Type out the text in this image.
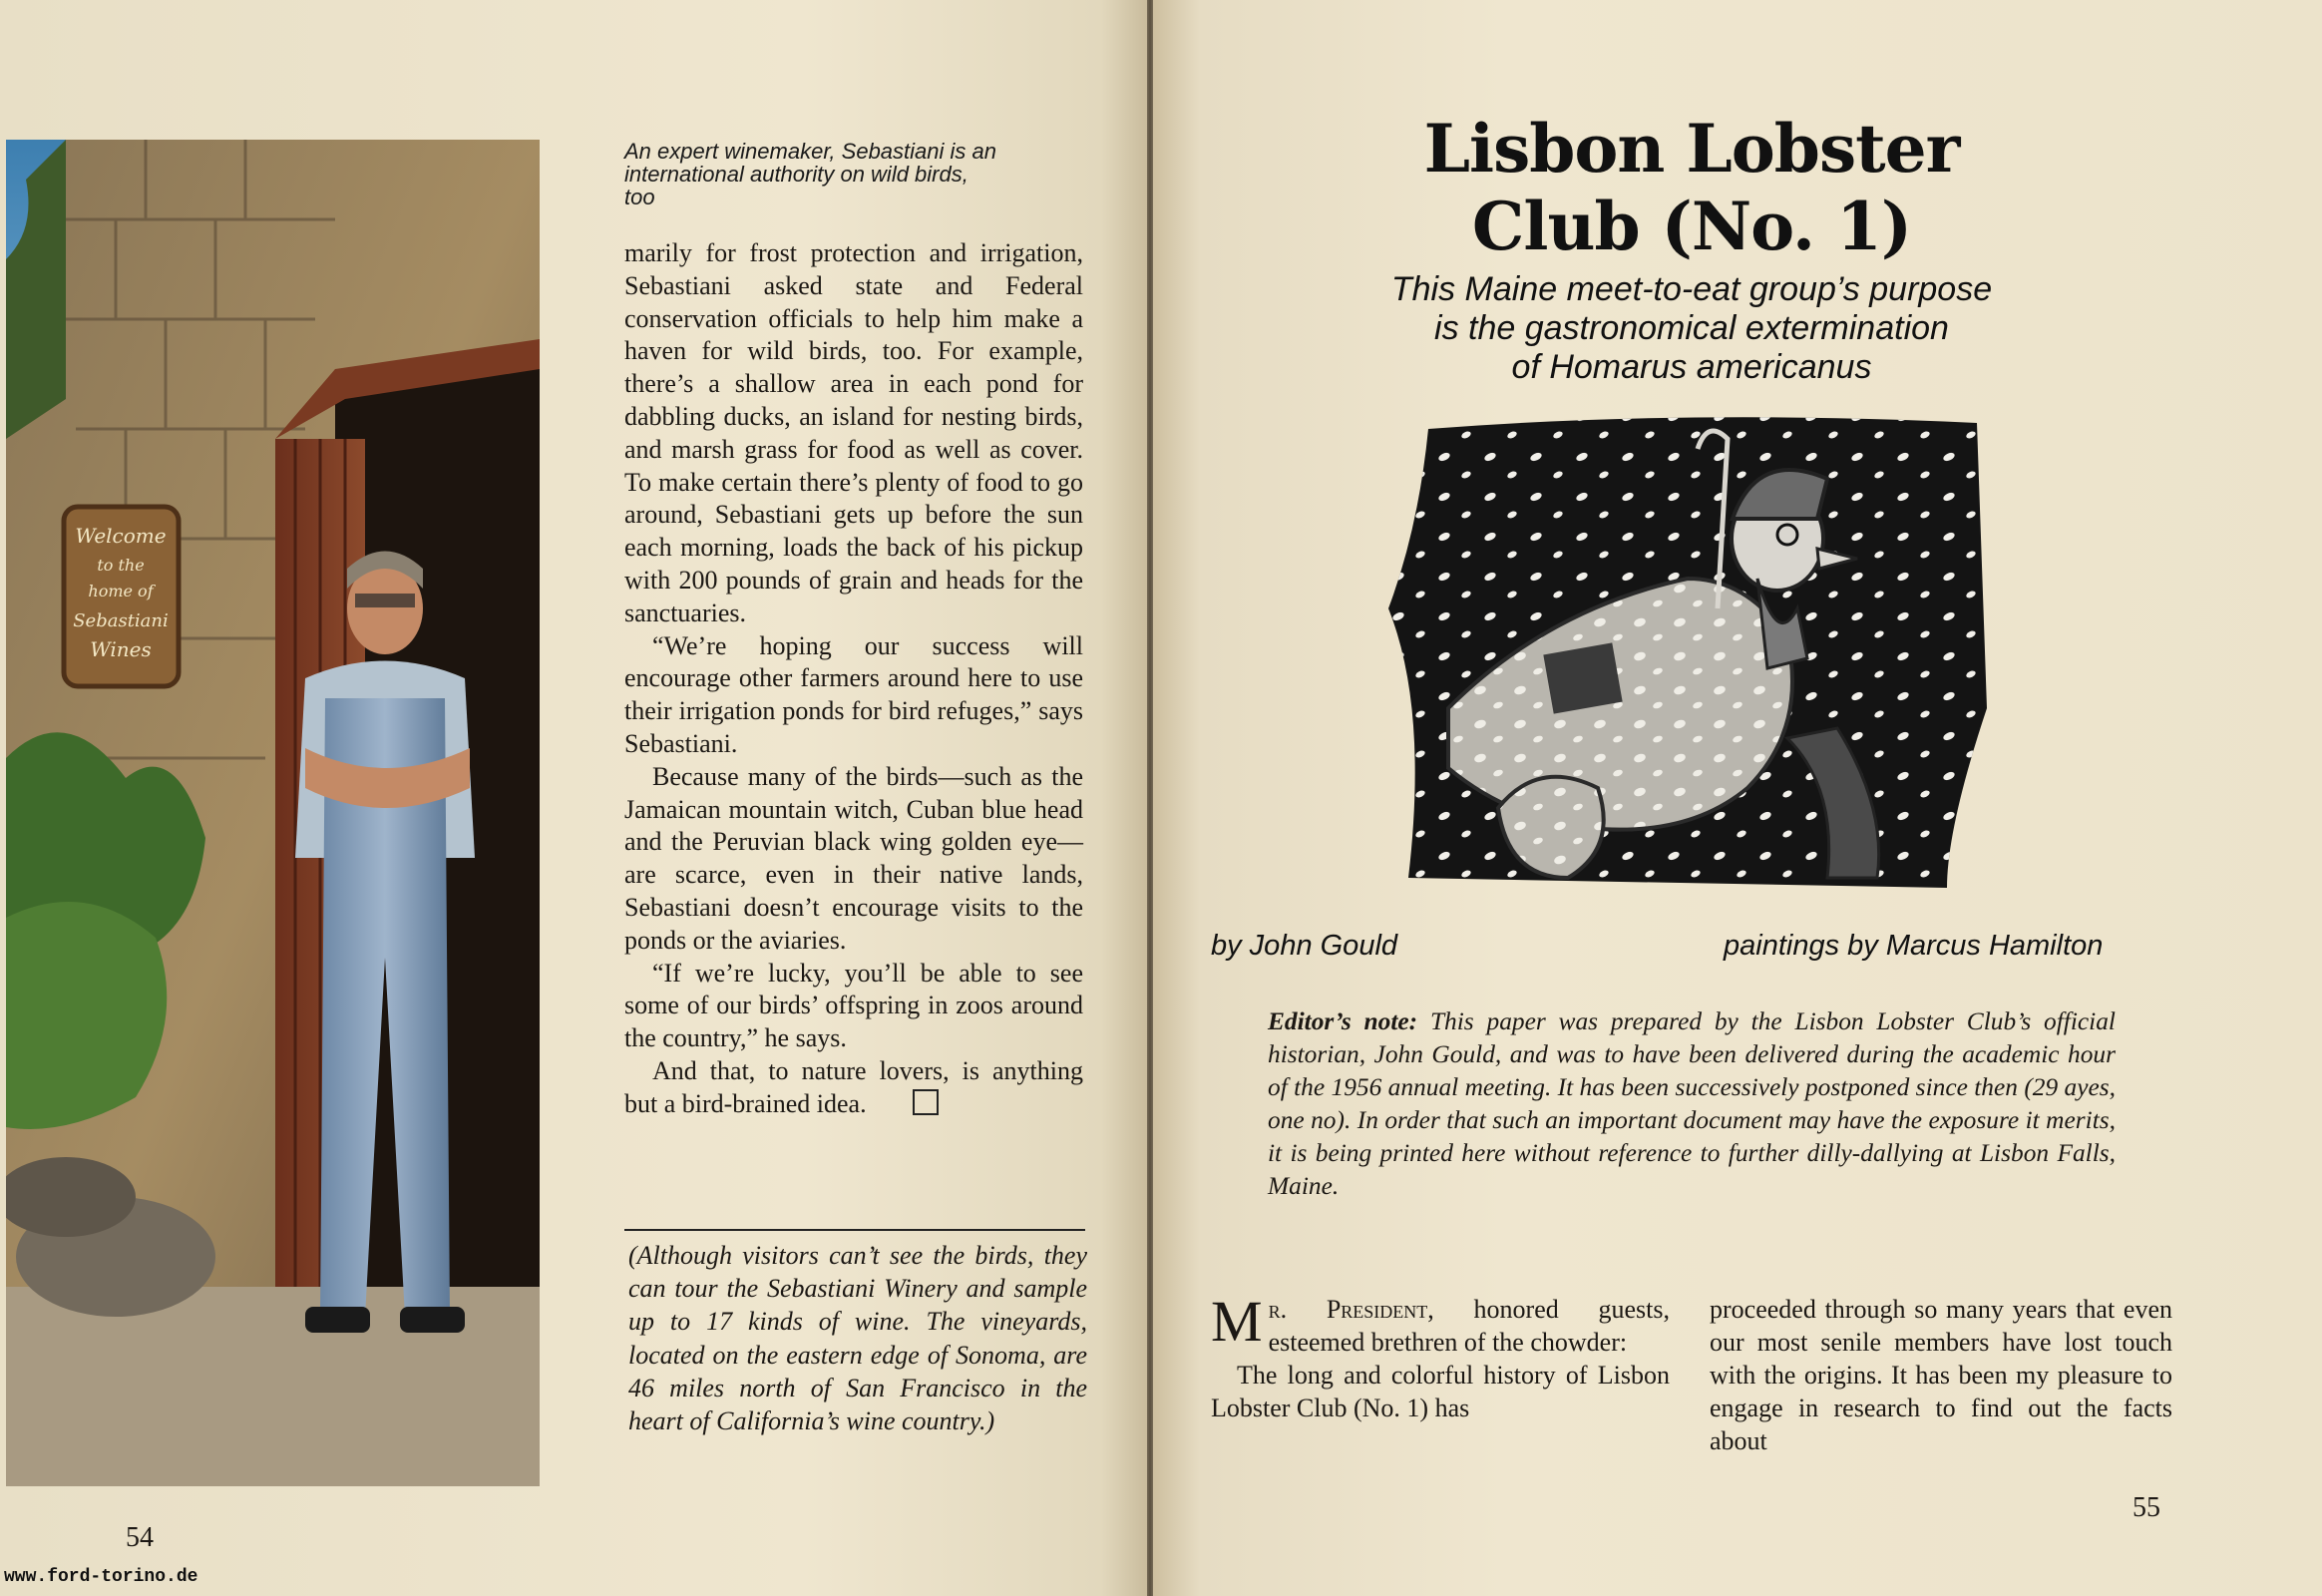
Welcome
to the
home of
Sebastiani
Wines
An expert winemaker, Sebastiani is an international authority on wild birds, too

marily for frost protection and irrigation, Sebastiani asked state and Federal conservation officials to help him make a haven for wild birds, too. For example, there’s a shallow area in each pond for dabbling ducks, an island for nesting birds, and marsh grass for food as well as cover. To make certain there’s plenty of food to go around, Sebastiani gets up before the sun each morning, loads the back of his pickup with 200 pounds of grain and heads for the sanctuaries.

“We’re hoping our success will encourage other farmers around here to use their irrigation ponds for bird refuges,” says Sebastiani.

Because many of the birds—such as the Jamaican mountain witch, Cuban blue head and the Peruvian black wing golden eye—are scarce, even in their native lands, Sebastiani doesn’t encourage visits to the ponds or the aviaries.

“If we’re lucky, you’ll be able to see some of our birds’ offspring in zoos around the country,” he says.

And that, to nature lovers, is anything but a bird-brained idea.

(Although visitors can’t see the birds, they can tour the Sebastiani Winery and sample up to 17 kinds of wine. The vineyards, located on the eastern edge of Sonoma, are 46 miles north of San Francisco in the heart of California’s wine country.)
54
www.ford-torino.de
Lisbon Lobster
Club (No. 1)
This Maine meet-to-eat group’s purpose
is the gastronomical extermination
of Homarus americanus
by John Gould	paintings by Marcus Hamilton
Editor’s note: This paper was prepared by the Lisbon Lobster Club’s official historian, John Gould, and was to have been delivered during the academic hour of the 1956 annual meeting. It has been successively postponed since then (29 ayes, one no). In order that such an important document may have the exposure it merits, it is being printed here without reference to further dilly-dallying at Lisbon Falls, Maine.

Mr. President, honored guests, esteemed brethren of the chowder:

The long and colorful history of Lisbon Lobster Club (No. 1) has

proceeded through so many years that even our most senile members have lost touch with the origins. It has been my pleasure to engage in research to find out the facts about

55
